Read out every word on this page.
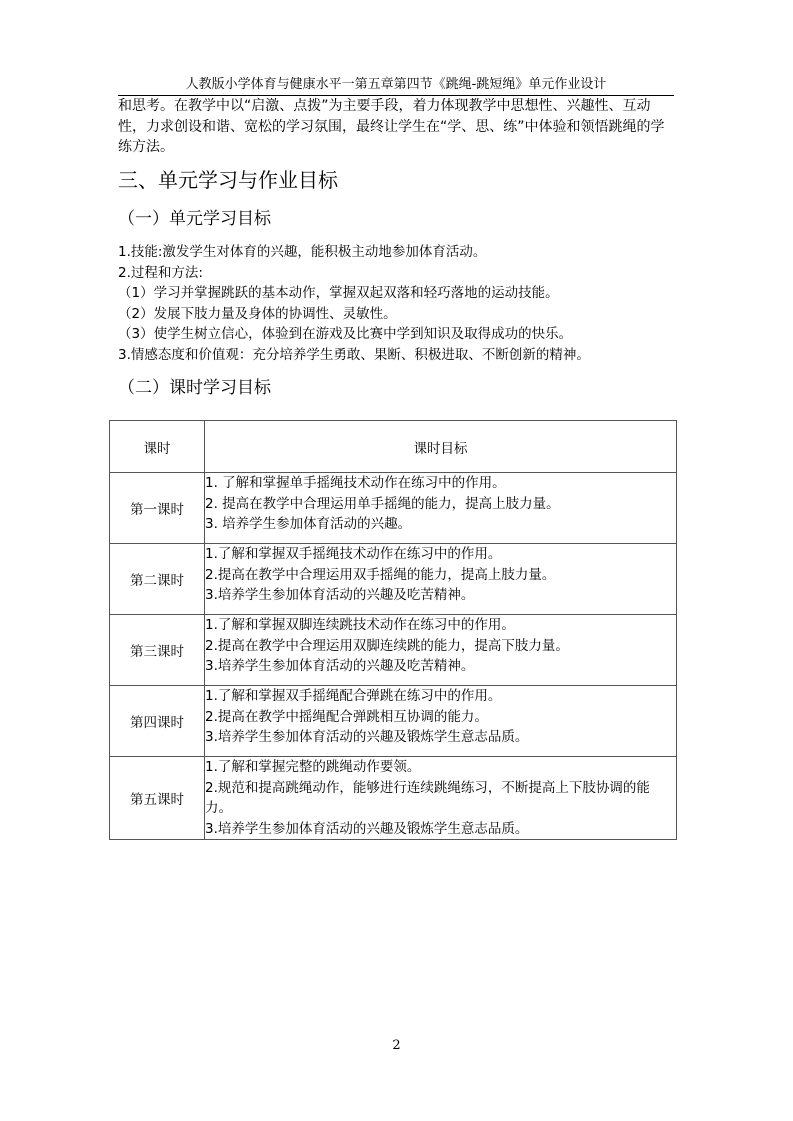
人教版小学体育与健康水平一第五章第四节《跳绳-跳短绳》单元作业设计

和思考。在教学中以“启激、点拨”为主要手段，着力体现教学中思想性、兴趣性、互动性，力求创设和谐、宽松的学习氛围，最终让学生在“学、思、练”中体验和领悟跳绳的学练方法。

三、单元学习与作业目标
（一）单元学习目标
1.技能:激发学生对体育的兴趣，能积极主动地参加体育活动。
2.过程和方法:
（1）学习并掌握跳跃的基本动作，掌握双起双落和轻巧落地的运动技能。
（2）发展下肢力量及身体的协调性、灵敏性。
（3）使学生树立信心，体验到在游戏及比赛中学到知识及取得成功的快乐。
3.情感态度和价值观：充分培养学生勇敢、果断、积极进取、不断创新的精神。
（二）课时学习目标
课时	课时目标
第一课时	1. 了解和掌握单手摇绳技术动作在练习中的作用。
2. 提高在教学中合理运用单手摇绳的能力，提高上肢力量。
3. 培养学生参加体育活动的兴趣。

第二课时	1.了解和掌握双手摇绳技术动作在练习中的作用。
2.提高在教学中合理运用双手摇绳的能力，提高上肢力量。
3.培养学生参加体育活动的兴趣及吃苦精神。

第三课时	1.了解和掌握双脚连续跳技术动作在练习中的作用。
2.提高在教学中合理运用双脚连续跳的能力，提高下肢力量。
3.培养学生参加体育活动的兴趣及吃苦精神。

第四课时	1.了解和掌握双手摇绳配合弹跳在练习中的作用。
2.提高在教学中摇绳配合弹跳相互协调的能力。
3.培养学生参加体育活动的兴趣及锻炼学生意志品质。

第五课时	1.了解和掌握完整的跳绳动作要领。
2.规范和提高跳绳动作，能够进行连续跳绳练习，不断提高上下肢协调的能力。
3.培养学生参加体育活动的兴趣及锻炼学生意志品质。
2
